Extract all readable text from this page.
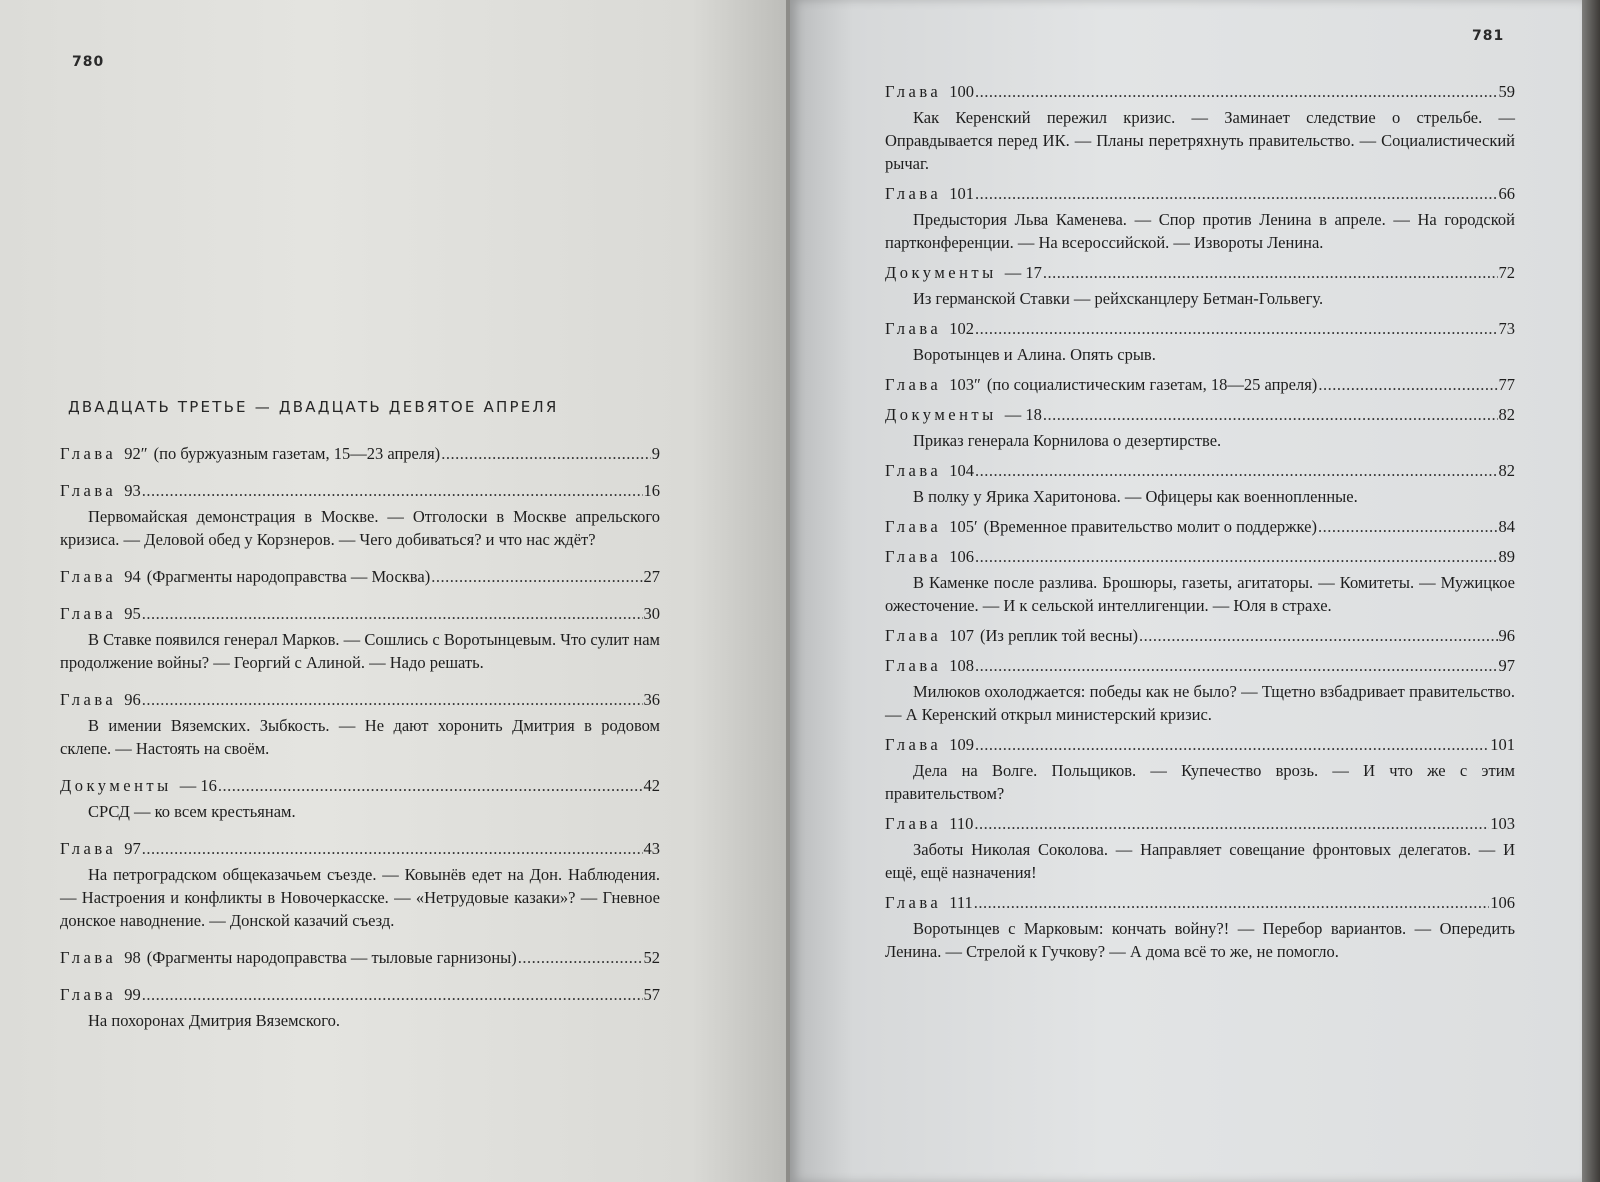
780
ДВАДЦАТЬ ТРЕТЬЕ — ДВАДЦАТЬ ДЕВЯТОЕ АПРЕЛЯ
Глава 92″ (по буржуазным газетам, 15—23 апреля) .....	9
Глава 93 .....	16
Первомайская демонстрация в Москве. — Отголоски в Москве апрельского кризиса. — Деловой обед у Корзнеров. — Чего добиваться? и что нас ждёт?
Глава 94 (Фрагменты народоправства — Москва) .....	27
Глава 95 .....	30
В Ставке появился генерал Марков. — Сошлись с Воротынцевым. Что сулит нам продолжение войны? — Георгий с Алиной. — Надо решать.
Глава 96 .....	36
В имении Вяземских. Зыбкость. — Не дают хоронить Дмитрия в родовом склепе. — Настоять на своём.
Документы — 16 .....	42
СРСД — ко всем крестьянам.
Глава 97 .....	43
На петроградском общеказачьем съезде. — Ковынёв едет на Дон. Наблюдения. — Настроения и конфликты в Новочеркасске. — «Нетрудовые казаки»? — Гневное донское наводнение. — Донской казачий съезд.
Глава 98 (Фрагменты народоправства — тыловые гарнизоны) .....	52
Глава 99 .....	57
На похоронах Дмитрия Вяземского.
781
Глава 100 .....	59
Как Керенский пережил кризис. — Заминает следствие о стрельбе. — Оправдывается перед ИК. — Планы перетряхнуть правительство. — Социалистический рычаг.
Глава 101 .....	66
Предыстория Льва Каменева. — Спор против Ленина в апреле. — На городской партконференции. — На всероссийской. — Извороты Ленина.
Документы — 17 .....	72
Из германской Ставки — рейхсканцлеру Бетман-Гольвегу.
Глава 102 .....	73
Воротынцев и Алина. Опять срыв.
Глава 103″ (по социалистическим газетам, 18—25 апреля) .....	77
Документы — 18 .....	82
Приказ генерала Корнилова о дезертирстве.
Глава 104 .....	82
В полку у Ярика Харитонова. — Офицеры как военнопленные.
Глава 105′ (Временное правительство молит о поддержке) .....	84
Глава 106 .....	89
В Каменке после разлива. Брошюры, газеты, агитаторы. — Комитеты. — Мужицкое ожесточение. — И к сельской интеллигенции. — Юля в страхе.
Глава 107 (Из реплик той весны) .....	96
Глава 108 .....	97
Милюков охолоджается: победы как не было? — Тщетно взбадривает правительство. — А Керенский открыл министерский кризис.
Глава 109 .....	101
Дела на Волге. Польщиков. — Купечество врозь. — И что же с этим правительством?
Глава 110 .....	103
Заботы Николая Соколова. — Направляет совещание фронтовых делегатов. — И ещё, ещё назначения!
Глава 111 .....	106
Воротынцев с Марковым: кончать войну?! — Перебор вариантов. — Опередить Ленина. — Стрелой к Гучкову? — А дома всё то же, не помогло.
